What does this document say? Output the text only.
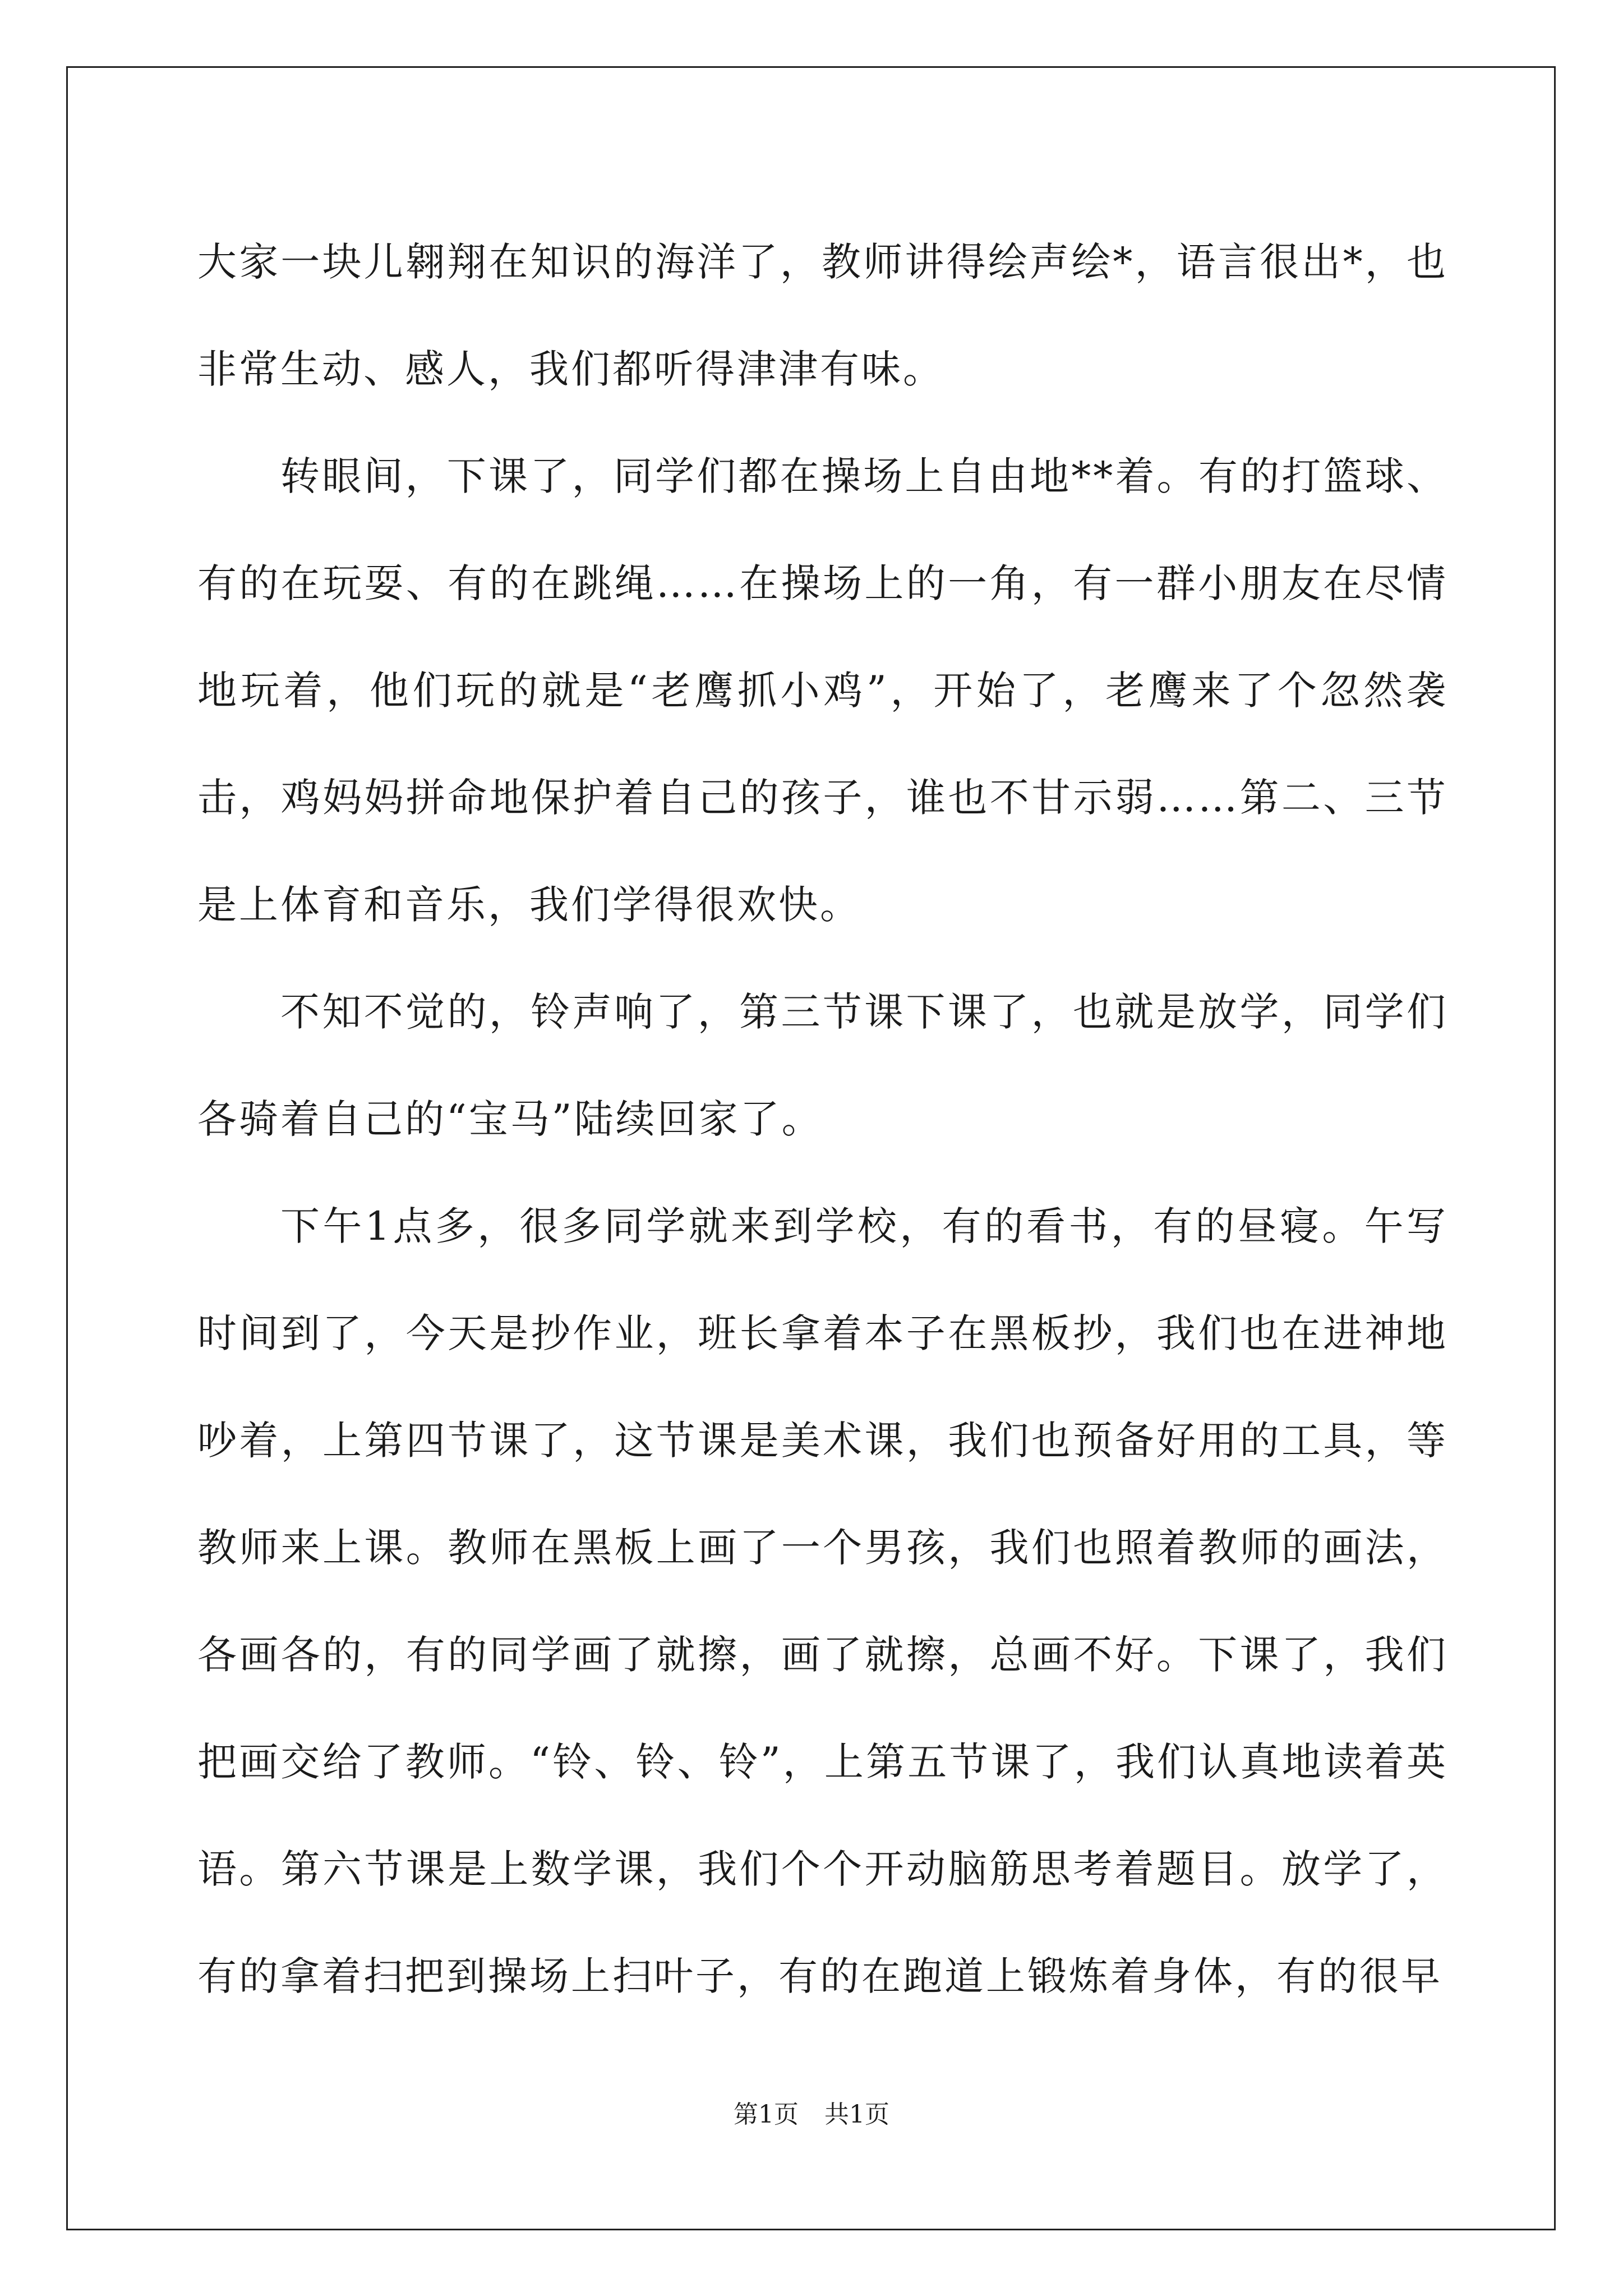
大家一块儿翱翔在知识的海洋了，教师讲得绘声绘*，语言很出*，也非常生动、感人，我们都听得津津有味。

转眼间，下课了，同学们都在操场上自由地**着。有的打篮球、有的在玩耍、有的在跳绳……在操场上的一角，有一群小朋友在尽情地玩着，他们玩的就是“老鹰抓小鸡”，开始了，老鹰来了个忽然袭击，鸡妈妈拼命地保护着自己的孩子，谁也不甘示弱……第二、三节是上体育和音乐，我们学得很欢快。

不知不觉的，铃声响了，第三节课下课了，也就是放学，同学们各骑着自己的“宝马”陆续回家了。

下午1点多，很多同学就来到学校，有的看书，有的昼寝。午写时间到了，今天是抄作业，班长拿着本子在黑板抄，我们也在进神地吵着，上第四节课了，这节课是美术课，我们也预备好用的工具，等教师来上课。教师在黑板上画了一个男孩，我们也照着教师的画法，各画各的，有的同学画了就擦，画了就擦，总画不好。下课了，我们把画交给了教师。“铃、铃、铃”，上第五节课了，我们认真地读着英语。第六节课是上数学课，我们个个开动脑筋思考着题目。放学了，有的拿着扫把到操场上扫叶子，有的在跑道上锻炼着身体，有的很早

第1页 共1页
